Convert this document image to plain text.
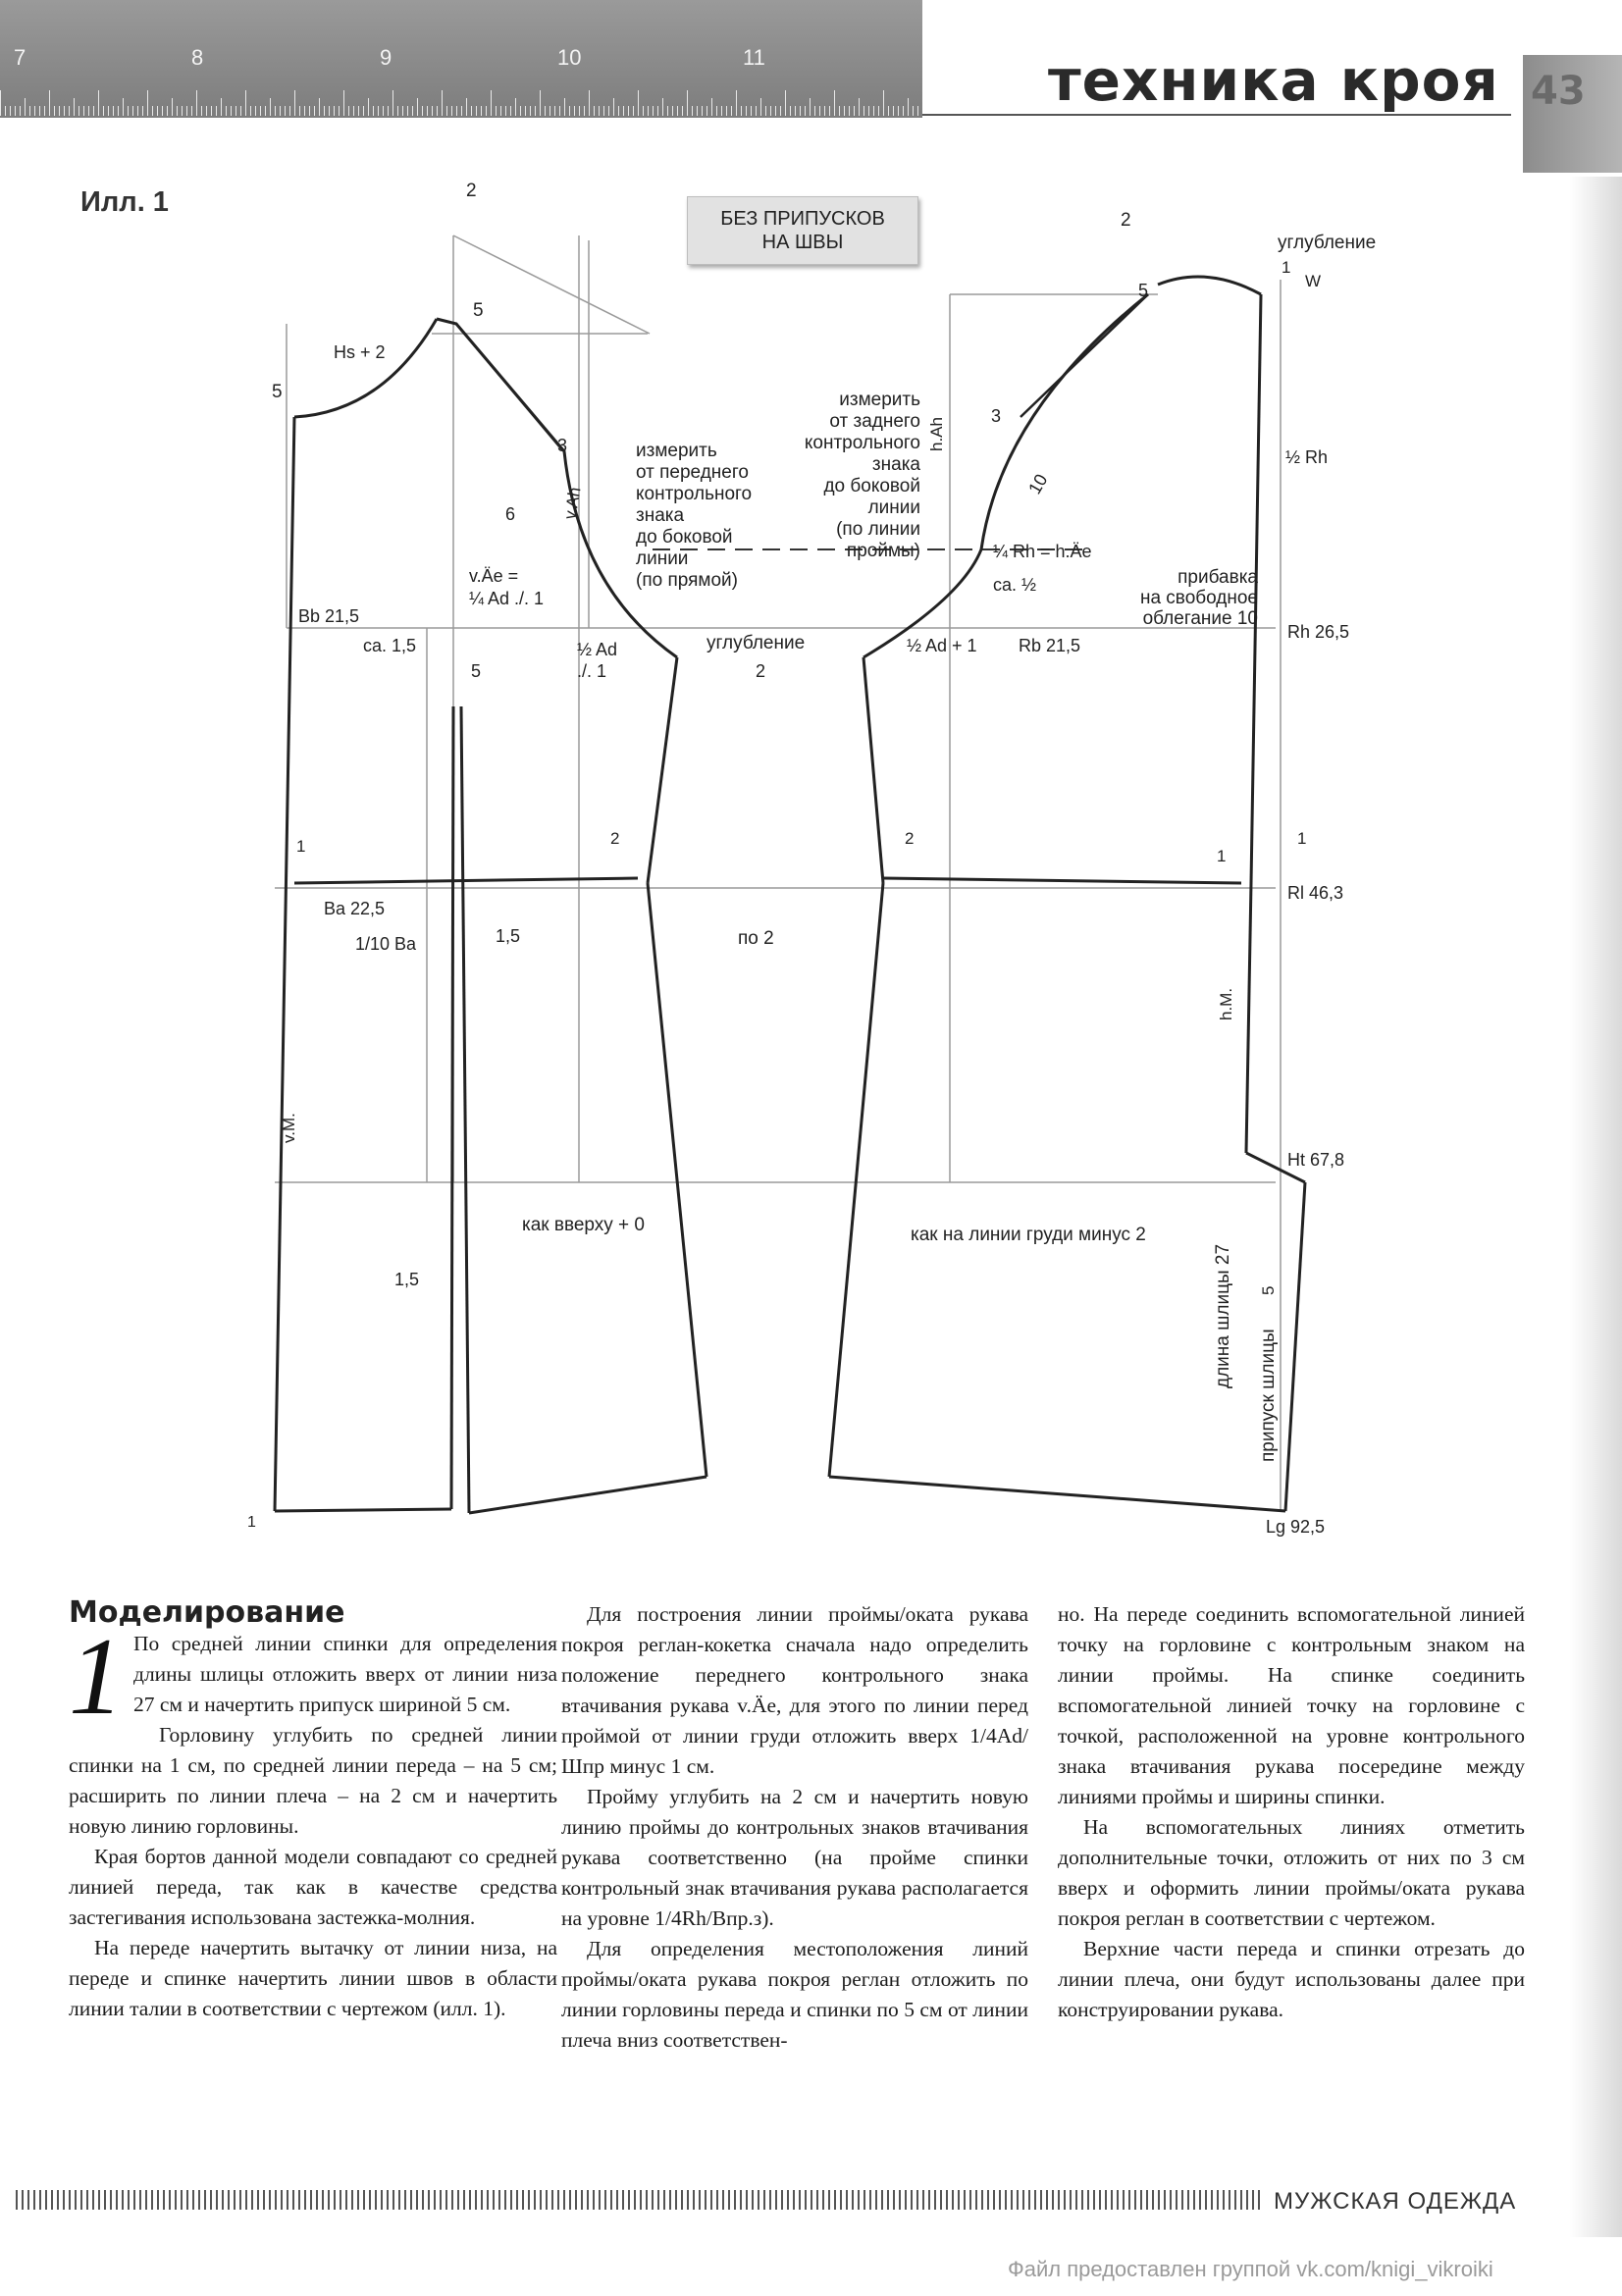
7	8	9	10	11	техника кроя 43
Илл. 1
БЕЗ ПРИПУСКОВ
НА ШВЫ
2
5
Hs + 2
5
3
6	v.Ah
измерить
от переднего
контрольного
знака
до боковой
линии
(по прямой)
v.Äe =
¼ Ad ./. 1
Bb 21,5
ca. 1,5
5
½ Ad
./. 1
углубление
2
½ Ad + 1 Rb 21,5
измерить
от заднего
контрольного
знака
до боковой
линии
(по линии
проймы)
h.Ah
¼ Rh = h.Äe
ca. ½	прибавка
на свободное
облегание 10
Rh 26,5
½ Rh
10
3
5
2
углубление
1
W
1	2	2
1
1
Rl 46,3
Ba 22,5
1/10 Ba	1,5	по 2
h.M.
v.M.
Ht 67,8
как вверху + 0	как на линии груди минус 2
длина шлицы 27
припуск шлицы
5
1,5
1	Lg 92,5
Моделирование

1 По средней линии спинки для определения длины шлицы отложить вверх от линии низа 27 см и начертить припуск шириной 5 см.

Горловину углубить по средней линии спинки на 1 см, по средней линии переда – на 5 см; расширить по линии плеча – на 2 см и начертить новую линию горловины.

Края бортов данной модели совпадают со средней линией переда, так как в качестве средства застегивания использована застежка-молния.

На переде начертить вытачку от линии низа, на переде и спинке начертить линии швов в области линии талии в соответствии с чертежом (илл. 1).

Для построения линии проймы/оката рукава покроя реглан-кокетка сначала надо определить положение переднего контрольного знака втачивания рукава v.Äe, для этого по линии перед проймой от линии груди отложить вверх 1/4Ad/Шпр минус 1 см.

Пройму углубить на 2 см и начертить новую линию проймы до контрольных знаков втачивания рукава соответственно (на пройме спинки контрольный знак втачивания рукава располагается на уровне 1/4Rh/Впр.з).

Для определения местоположения линий проймы/оката рукава покроя реглан отложить по линии горловины переда и спинки по 5 см от линии плеча вниз соответствен-

но. На переде соединить вспомогательной линией точку на горловине с контрольным знаком на линии проймы. На спинке соединить вспомогательной линией точку на горловине с точкой, расположенной на уровне контрольного знака втачивания рукава посередине между линиями проймы и ширины спинки.

На вспомогательных линиях отметить дополнительные точки, отложить от них по 3 см вверх и оформить линии проймы/оката рукава покроя реглан в соответствии с чертежом.

Верхние части переда и спинки отрезать до линии плеча, они будут использованы далее при конструировании рукава.

МУЖСКАЯ ОДЕЖДА
Файл предоставлен группой vk.com/knigi_vikroiki
